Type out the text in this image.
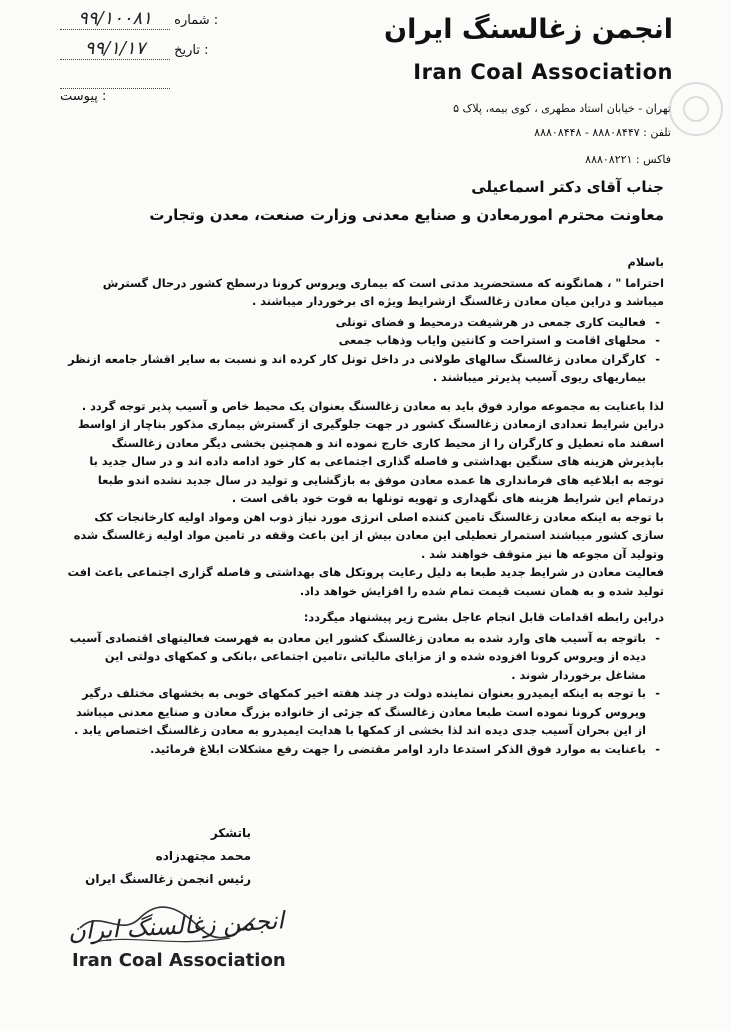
انجمن زغالسنگ ایران
Iran Coal Association
تهران - خیابان استاد مطهری ، کوی بیمه، پلاک ۵
تلفن : ۸۸۸۰۸۴۴۷ - ۸۸۸۰۸۴۴۸
فاکس : ۸۸۸۰۸۲۲۱
۹۹/۱۰۰۸۱ : شماره
۹۹/۱/۱۷ : تاریخ
: پیوست
جناب آقای دکتر اسماعیلی
معاونت محترم امورمعادن و صنایع معدنی وزارت صنعت، معدن وتجارت

باسلام

احتراما " ، همانگونه که مستحضرید مدتی است که بیماری ویروس کرونا درسطح کشور درحال گسترش میباشد و دراین میان معادن زغالسنگ ازشرایط ویژه ای برخوردار میباشند .

- فعالیت کاری جمعی در هرشیفت درمحیط و فضای تونلی
- محلهای اقامت و استراحت و کانتین وایاب وذهاب جمعی
- کارگران معادن زغالسنگ سالهای طولانی در داخل تونل کار کرده اند و نسبت به سایر اقشار جامعه ازنظر بیماریهای ریوی آسیب پذیرتر میباشند .

لذا باعنایت به مجموعه موارد فوق باید به معادن زغالسنگ بعنوان یک محیط خاص و آسیب پذیر توجه گردد .

دراین شرایط تعدادی ازمعادن زغالسنگ کشور در جهت جلوگیری از گسترش بیماری مذکور بناچار از اواسط اسفند ماه تعطیل و کارگران را از محیط کاری خارج نموده اند و همچنین بخشی دیگر معادن زغالسنگ باپذیرش هزینه های سنگین بهداشتی و فاصله گذاری اجتماعی به کار خود ادامه داده اند و در سال جدید با توجه به ابلاغیه های فرمانداری ها عمده معادن موفق به بازگشایی و تولید در سال جدید نشده اندو طبعا درتمام این شرایط هزینه های نگهداری و تهویه تونلها به قوت خود باقی است .

با توجه به اینکه معادن زغالسنگ تامین کننده اصلی انرژی مورد نیاز ذوب اهن ومواد اولیه کارخانجات کک سازی کشور میباشند استمرار تعطیلی این معادن بیش از این باعث وقفه در تامین مواد اولیه زغالسنگ شده وتولید آن مجوعه ها نیز متوقف خواهند شد .

فعالیت معادن در شرایط جدید طبعا به دلیل رعایت پروتکل های بهداشتی و فاصله گزاری اجتماعی باعث افت تولید شده و به همان نسبت قیمت تمام شده را افزایش خواهد داد.

دراین رابطه اقدامات قابل انجام عاجل بشرح زیر پیشنهاد میگردد:

- باتوجه به آسیب های وارد شده به معادن زغالسنگ کشور این معادن به فهرست فعالیتهای اقتصادی آسیب دیده از ویروس کرونا افزوده شده و از مزایای مالیاتی ،تامین اجتماعی ،بانکی و کمکهای دولتی این مشاغل برخوردار شوند .
- با توجه به اینکه ایمیدرو بعنوان نماینده دولت در چند هفته اخیر کمکهای خوبی به بخشهای مختلف درگیر ویروس کرونا نموده است طبعا معادن زغالسنگ که جزئی از خانواده بزرگ معادن و صنایع معدنی میباشد از این بحران آسیب جدی دیده اند لذا بخشی از کمکها با هدایت ایمیدرو به معادن زغالسنگ اختصاص یابد .
- باعنایت به موارد فوق الذکر استدعا دارد اوامر مقتضی را جهت رفع مشکلات ابلاغ فرمائید.
باتشکر
محمد مجتهدزاده
رئیس انجمن زغالسنگ ایران
انجمن زغالسنگ ایران
Iran Coal Association
